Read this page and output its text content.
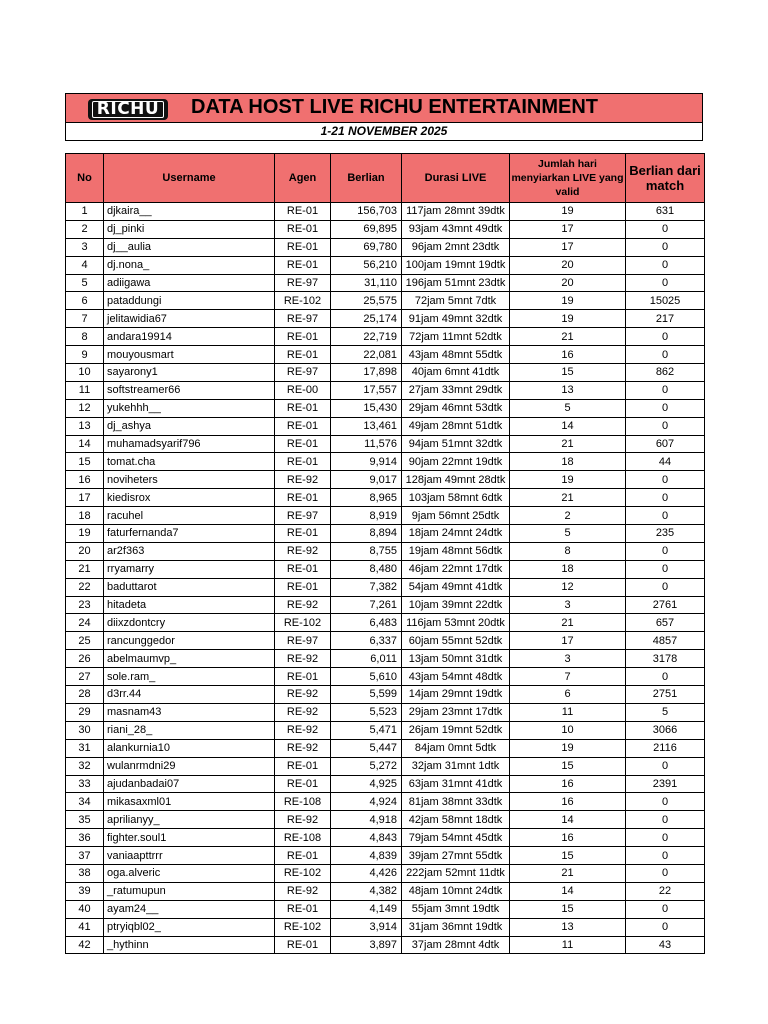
RICHU DATA HOST LIVE RICHU ENTERTAINMENT
1-21 NOVEMBER 2025
No	Username	Agen	Berlian	Durasi LIVE	Jumlah hari menyiarkan LIVE yang valid	Berlian dari match
1	djkaira__	RE-01	156,703	117jam 28mnt 39dtk	19	631
2	dj_pinki	RE-01	69,895	93jam 43mnt 49dtk	17	0
3	dj__aulia	RE-01	69,780	96jam 2mnt 23dtk	17	0
4	dj.nona_	RE-01	56,210	100jam 19mnt 19dtk	20	0
5	adiigawa	RE-97	31,110	196jam 51mnt 23dtk	20	0
6	pataddungi	RE-102	25,575	72jam 5mnt 7dtk	19	15025
7	jelitawidia67	RE-97	25,174	91jam 49mnt 32dtk	19	217
8	andara19914	RE-01	22,719	72jam 11mnt 52dtk	21	0
9	mouyousmart	RE-01	22,081	43jam 48mnt 55dtk	16	0
10	sayarony1	RE-97	17,898	40jam 6mnt 41dtk	15	862
11	softstreamer66	RE-00	17,557	27jam 33mnt 29dtk	13	0
12	yukehhh__	RE-01	15,430	29jam 46mnt 53dtk	5	0
13	dj_ashya	RE-01	13,461	49jam 28mnt 51dtk	14	0
14	muhamadsyarif796	RE-01	11,576	94jam 51mnt 32dtk	21	607
15	tomat.cha	RE-01	9,914	90jam 22mnt 19dtk	18	44
16	noviheters	RE-92	9,017	128jam 49mnt 28dtk	19	0
17	kiedisrox	RE-01	8,965	103jam 58mnt 6dtk	21	0
18	racuhel	RE-97	8,919	9jam 56mnt 25dtk	2	0
19	faturfernanda7	RE-01	8,894	18jam 24mnt 24dtk	5	235
20	ar2f363	RE-92	8,755	19jam 48mnt 56dtk	8	0
21	rryamarry	RE-01	8,480	46jam 22mnt 17dtk	18	0
22	baduttarot	RE-01	7,382	54jam 49mnt 41dtk	12	0
23	hitadeta	RE-92	7,261	10jam 39mnt 22dtk	3	2761
24	diixzdontcry	RE-102	6,483	116jam 53mnt 20dtk	21	657
25	rancunggedor	RE-97	6,337	60jam 55mnt 52dtk	17	4857
26	abelmaumvp_	RE-92	6,011	13jam 50mnt 31dtk	3	3178
27	sole.ram_	RE-01	5,610	43jam 54mnt 48dtk	7	0
28	d3rr.44	RE-92	5,599	14jam 29mnt 19dtk	6	2751
29	masnam43	RE-92	5,523	29jam 23mnt 17dtk	11	5
30	riani_28_	RE-92	5,471	26jam 19mnt 52dtk	10	3066
31	alankurnia10	RE-92	5,447	84jam 0mnt 5dtk	19	2116
32	wulanrmdni29	RE-01	5,272	32jam 31mnt 1dtk	15	0
33	ajudanbadai07	RE-01	4,925	63jam 31mnt 41dtk	16	2391
34	mikasaxml01	RE-108	4,924	81jam 38mnt 33dtk	16	0
35	aprilianyy_	RE-92	4,918	42jam 58mnt 18dtk	14	0
36	fighter.soul1	RE-108	4,843	79jam 54mnt 45dtk	16	0
37	vaniaapttrrr	RE-01	4,839	39jam 27mnt 55dtk	15	0
38	oga.alveric	RE-102	4,426	222jam 52mnt 11dtk	21	0
39	_ratumupun	RE-92	4,382	48jam 10mnt 24dtk	14	22
40	ayam24__	RE-01	4,149	55jam 3mnt 19dtk	15	0
41	ptryiqbl02_	RE-102	3,914	31jam 36mnt 19dtk	13	0
42	_hythinn	RE-01	3,897	37jam 28mnt 4dtk	11	43
